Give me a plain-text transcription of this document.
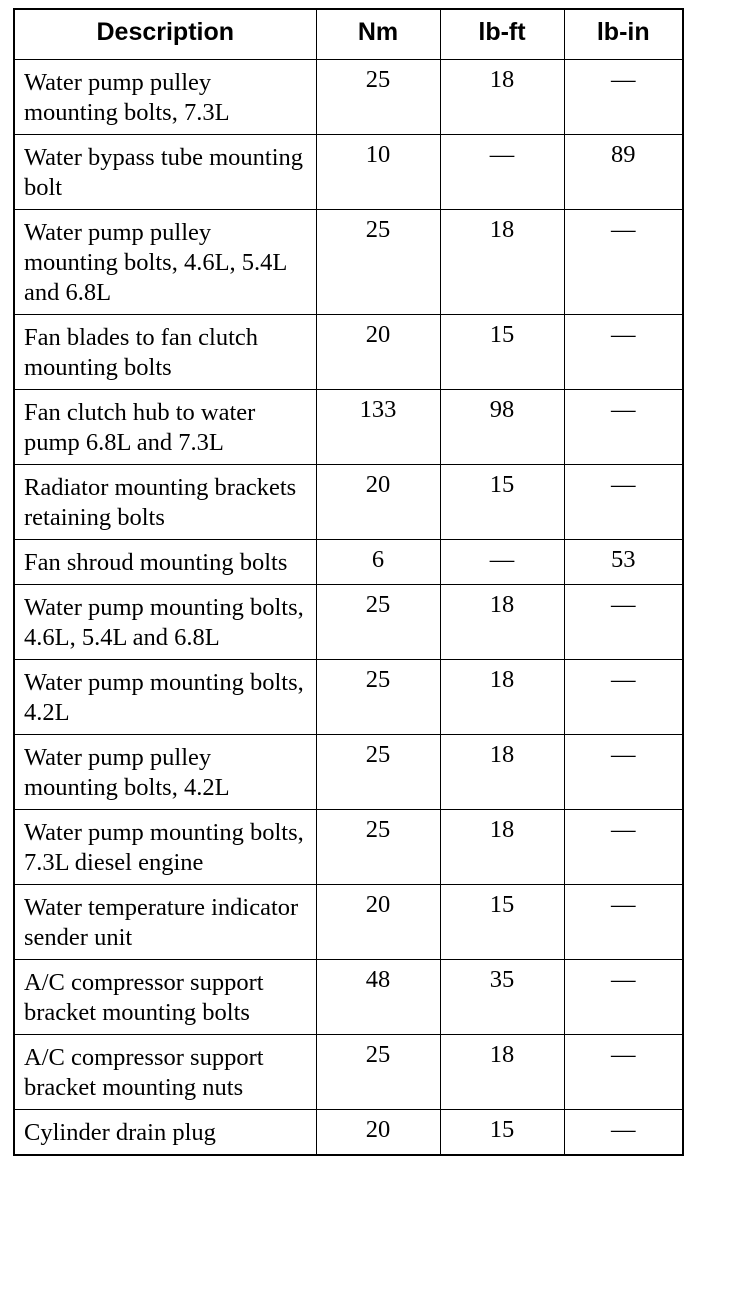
Description	Nm	lb-ft	lb-in
Water pump pulley mounting bolts, 7.3L	25	18	—
Water bypass tube mounting bolt	10	—	89
Water pump pulley mounting bolts, 4.6L, 5.4L and 6.8L	25	18	—
Fan blades to fan clutch mounting bolts	20	15	—
Fan clutch hub to water pump 6.8L and 7.3L	133	98	—
Radiator mounting brackets retaining bolts	20	15	—
Fan shroud mounting bolts	6	—	53
Water pump mounting bolts, 4.6L, 5.4L and 6.8L	25	18	—
Water pump mounting bolts, 4.2L	25	18	—
Water pump pulley mounting bolts, 4.2L	25	18	—
Water pump mounting bolts, 7.3L diesel engine	25	18	—
Water temperature indicator sender unit	20	15	—
A/C compressor support bracket mounting bolts	48	35	—
A/C compressor support bracket mounting nuts	25	18	—
Cylinder drain plug	20	15	—
